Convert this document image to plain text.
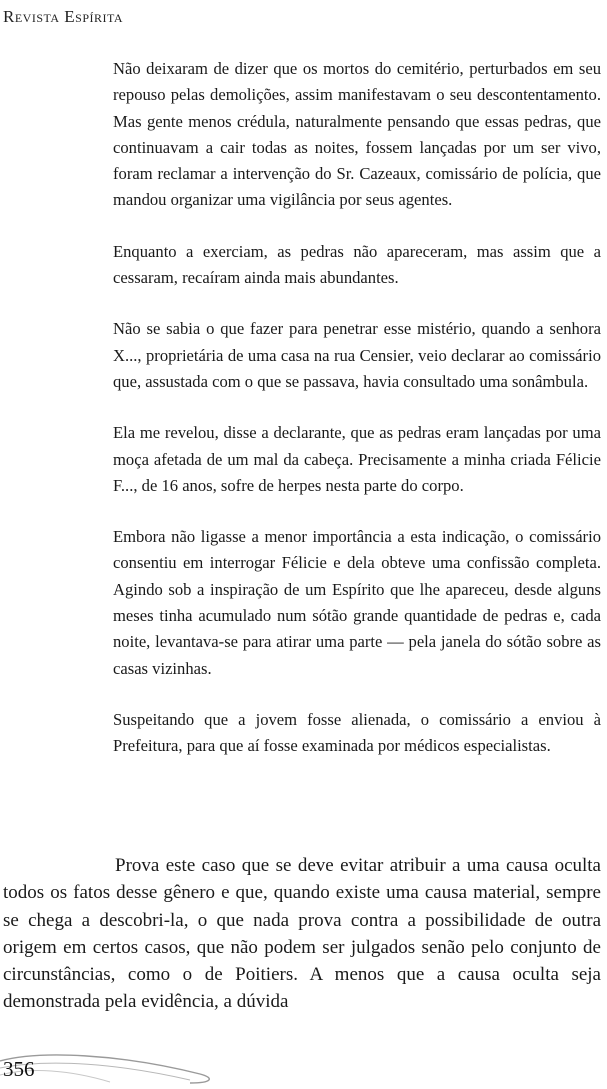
Revista Espírita

Não deixaram de dizer que os mortos do cemitério, perturbados em seu repouso pelas demolições, assim manifestavam o seu descontentamento. Mas gente menos crédula, naturalmente pensando que essas pedras, que continuavam a cair todas as noites, fossem lançadas por um ser vivo, foram reclamar a intervenção do Sr. Cazeaux, comissário de polícia, que mandou organizar uma vigilância por seus agentes.

Enquanto a exerciam, as pedras não apareceram, mas assim que a cessaram, recaíram ainda mais abundantes.

Não se sabia o que fazer para penetrar esse mistério, quando a senhora X..., proprietária de uma casa na rua Censier, veio declarar ao comissário que, assustada com o que se passava, havia consultado uma sonâmbula.

Ela me revelou, disse a declarante, que as pedras eram lançadas por uma moça afetada de um mal da cabeça. Precisamente a minha criada Félicie F..., de 16 anos, sofre de herpes nesta parte do corpo.

Embora não ligasse a menor importância a esta indicação, o comissário consentiu em interrogar Félicie e dela obteve uma confissão completa. Agindo sob a inspiração de um Espírito que lhe apareceu, desde alguns meses tinha acumulado num sótão grande quantidade de pedras e, cada noite, levantava-se para atirar uma parte — pela janela do sótão sobre as casas vizinhas.

Suspeitando que a jovem fosse alienada, o comissário a enviou à Prefeitura, para que aí fosse examinada por médicos especialistas.

Prova este caso que se deve evitar atribuir a uma causa oculta todos os fatos desse gênero e que, quando existe uma causa material, sempre se chega a descobri-la, o que nada prova contra a possibilidade de outra origem em certos casos, que não podem ser julgados senão pelo conjunto de circunstâncias, como o de Poitiers. A menos que a causa oculta seja demonstrada pela evidência, a dúvida

356
